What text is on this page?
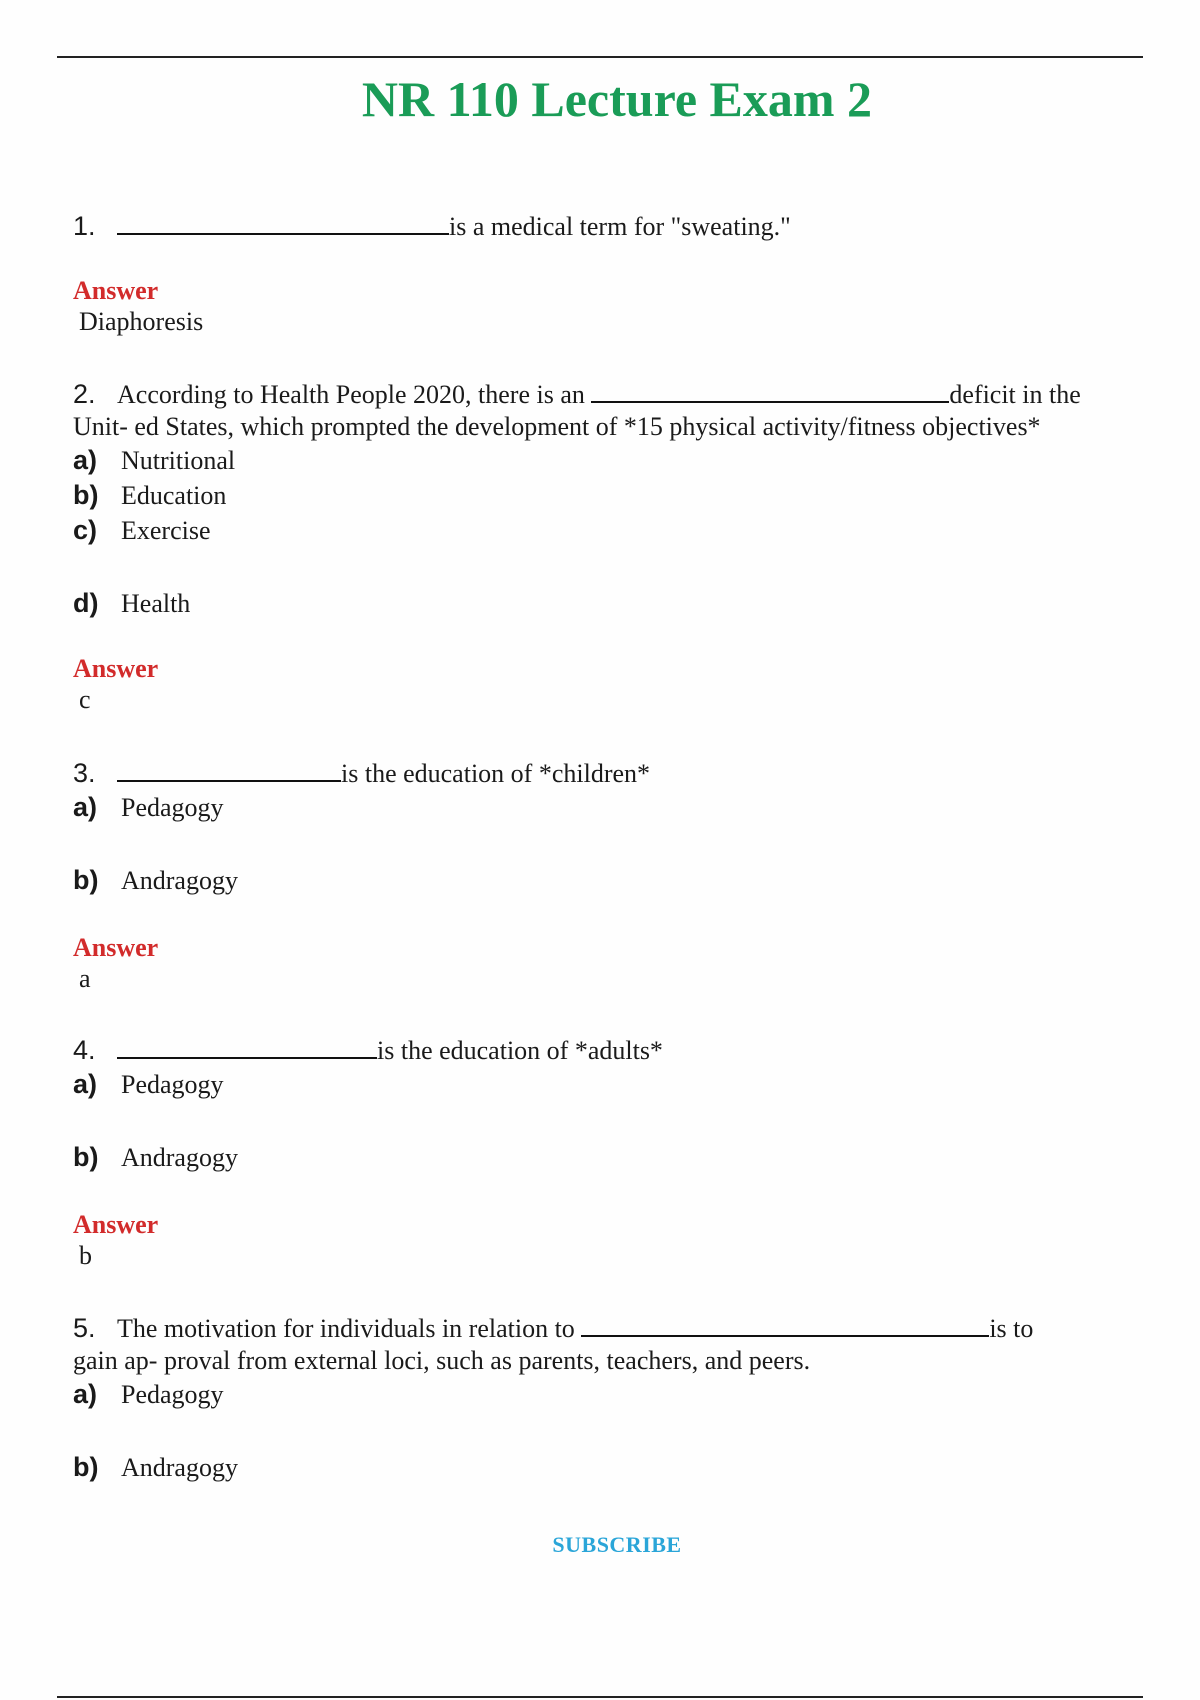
NR 110 Lecture Exam 2
1.	is a medical term for "sweating."
Answer
Diaphoresis
2. According to Health People 2020, there is an	deficit in the
Unit- ed States, which prompted the development of *15 physical activity/fitness objectives*
a) Nutritional
b) Education
c) Exercise
d) Health
Answer
c
3.	is the education of *children*
a) Pedagogy
b) Andragogy
Answer
a
4.	is the education of *adults*
a) Pedagogy
b) Andragogy
Answer
b
5. The motivation for individuals in relation to	is to
gain ap- proval from external loci, such as parents, teachers, and peers.
a) Pedagogy
b) Andragogy
SUBSCRIBE
